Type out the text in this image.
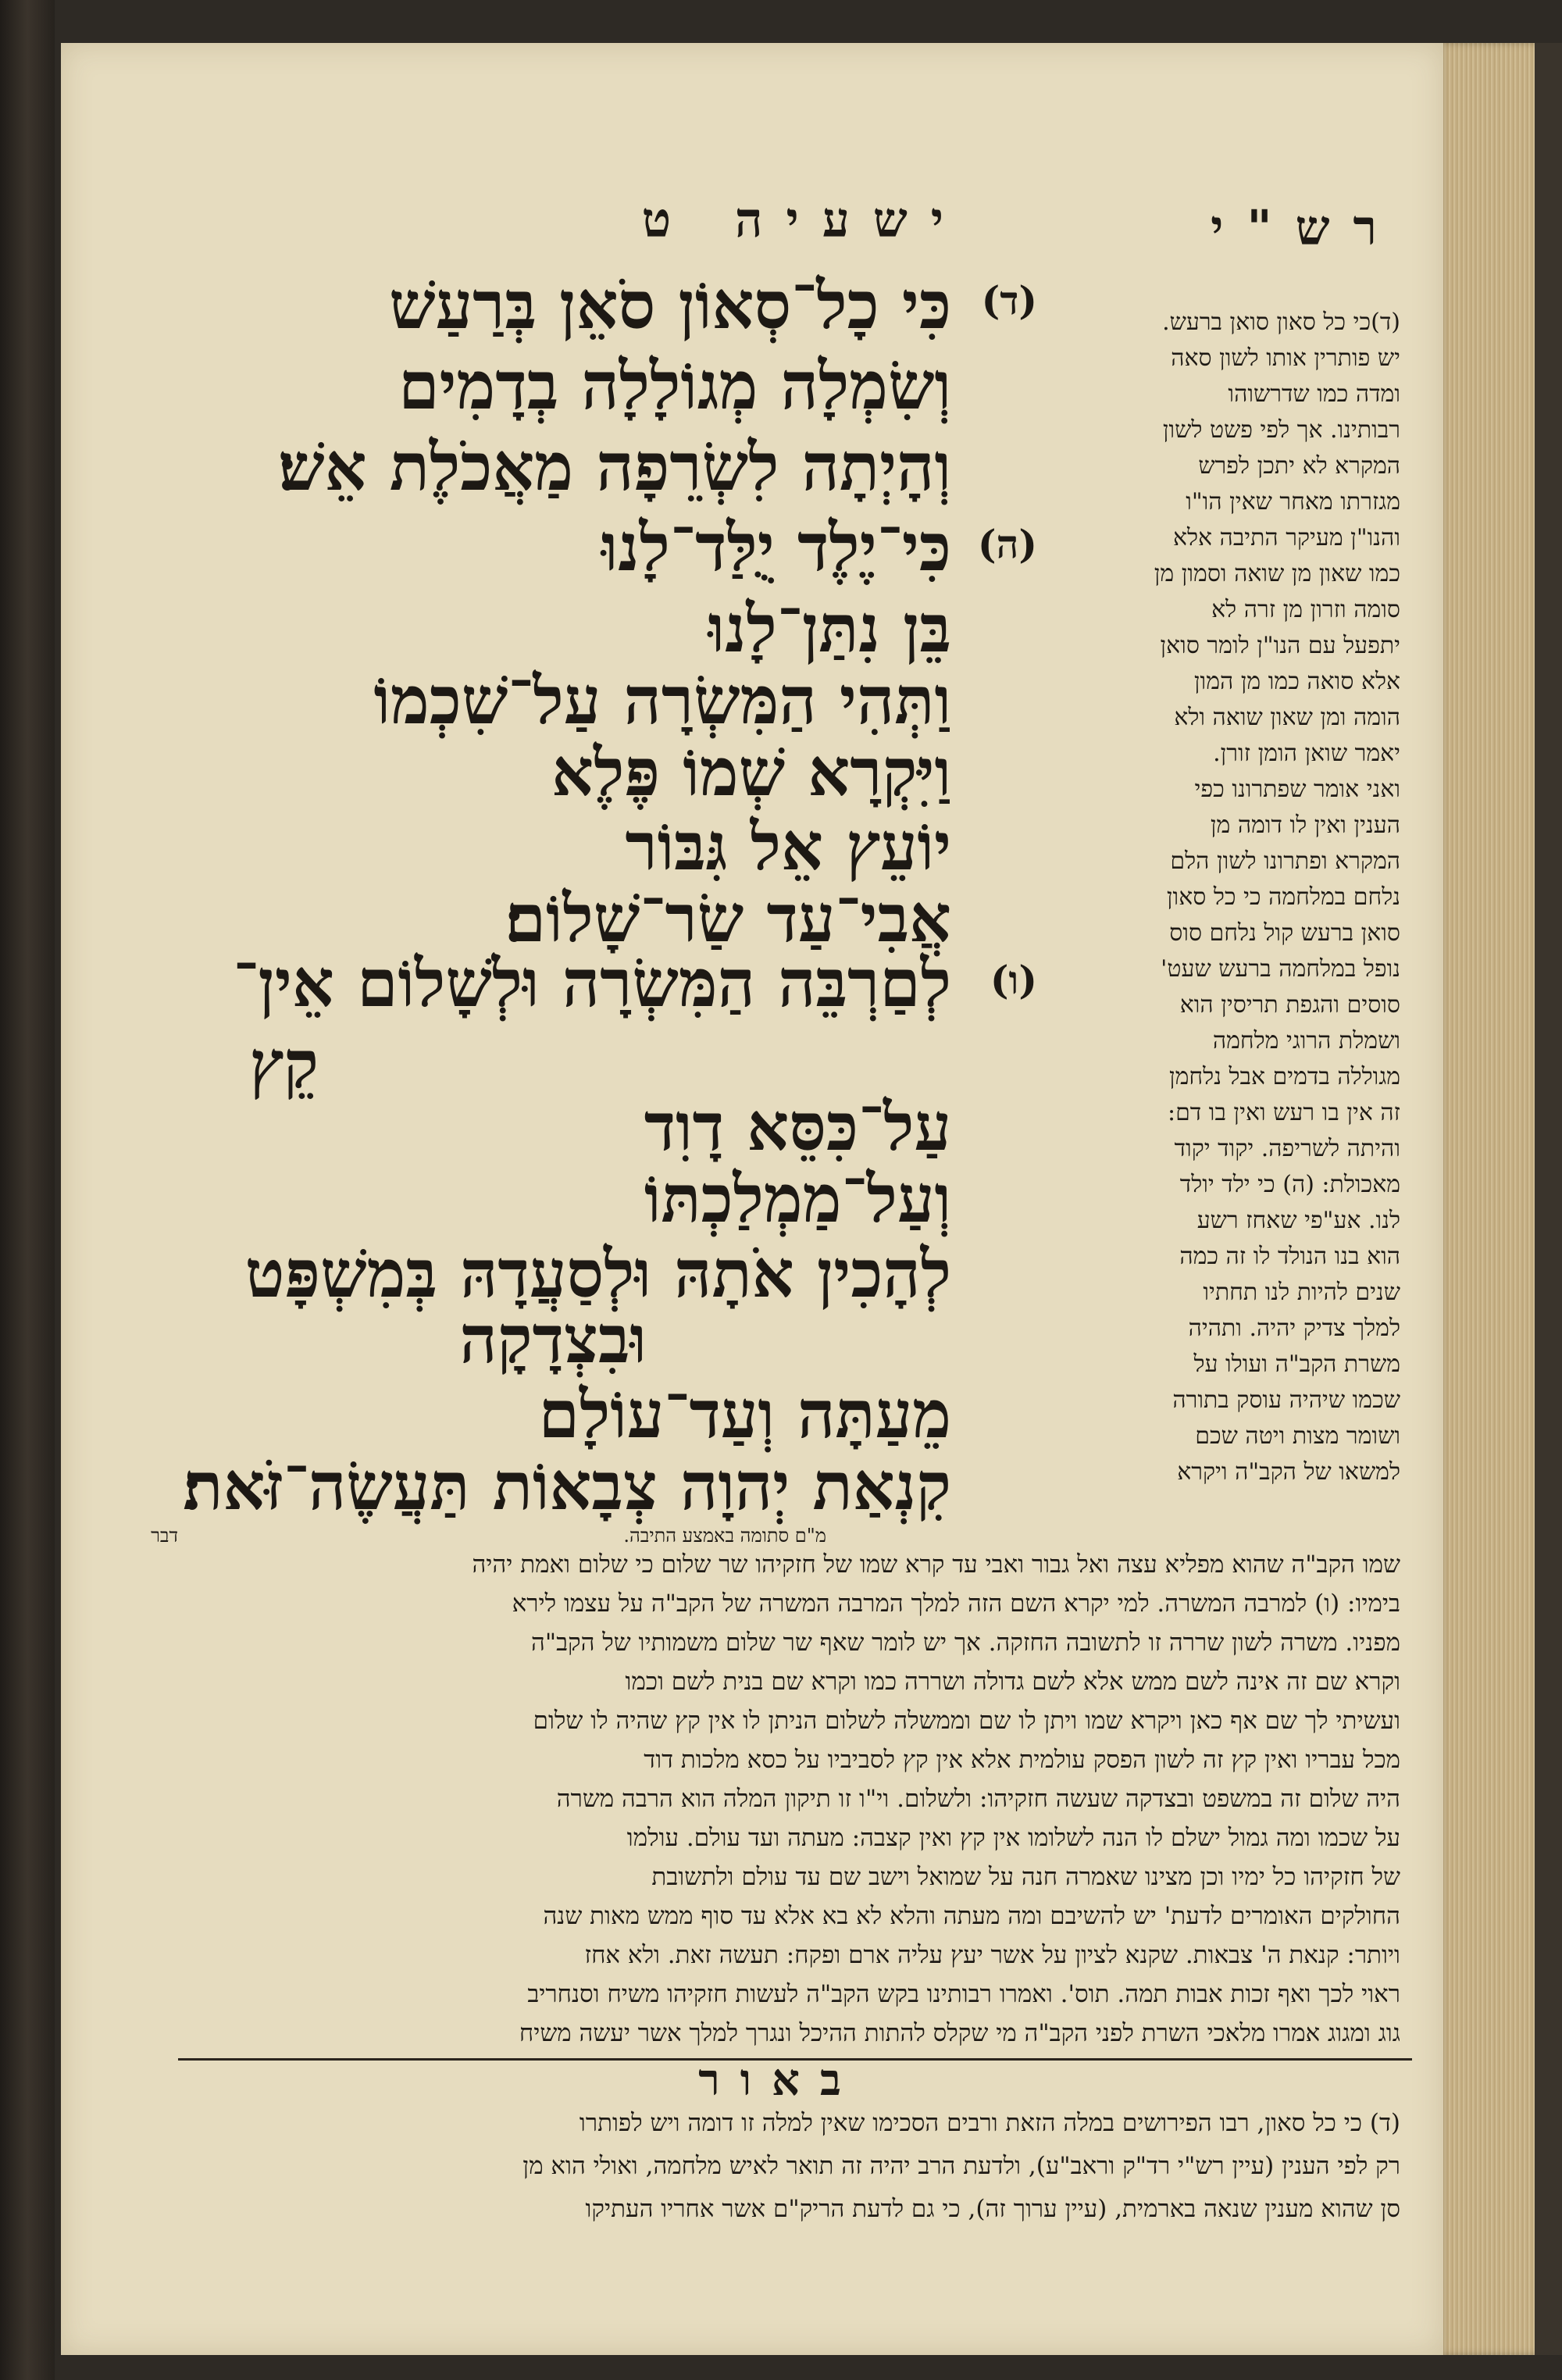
ישעיה ט	רש"י
(ד)
כִּי כָל־סְאוֹן סֹאֵן בְּרַעַשׁ
וְשִׂמְלָה מְגוֹלָלָה בְדָמִים
וְהָיְתָה לִשְׂרֵפָה מַאֲכֹלֶת אֵשׁ׃
(ה)
כִּי־יֶלֶד יֻלַּד־לָנוּ
בֵּן נִתַּן־לָנוּ
וַתְּהִי הַמִּשְׂרָה עַל־שִׁכְמוֹ
וַיִּקְרָא שְׁמוֹ פֶּלֶא
יוֹעֵץ אֵל גִּבּוֹר
אֲבִי־עַד שַׂר־שָׁלוֹם׃
(ו)
לְםַרְבֵּה הַמִּשְׂרָה וּלְשָׁלוֹם אֵין־
קֵץ
עַל־כִּסֵּא דָוִד
וְעַל־מַמְלַכְתּוֹ
לְהָכִין אֹתָהּ וּלְסַעֲדָהּ בְּמִשְׁפָּט
וּבִצְדָקָה
מֵעַתָּה וְעַד־עוֹלָם
קִנְאַת יְהוָה צְבָאוֹת תַּעֲשֶׂה־זֹּאת׃
מ"ם סתומה באמצע התיבה.
דבר
(ד)כי כל סאון סואן ברעש.
יש פותרין אותו לשון סאה
ומדה כמו שדרשוהו
רבותינו. אך לפי פשט לשון
המקרא לא יתכן לפרש
מגזרתו מאחר שאין הו"ו
והנו"ן מעיקר התיבה אלא
כמו שאון מן שואה וסמון מן
סומה וזרון מן זרה לא
יתפעל עם הנו"ן לומר סואן
אלא סואה כמו מן המון
הומה ומן שאון שואה ולא
יאמר שואן הומן זורן.
ואני אומר שפתרונו כפי
הענין ואין לו דומה מן
המקרא ופתרונו לשון הלם
נלחם במלחמה כי כל סאון
סואן ברעש קול נלחם סוס
נופל במלחמה ברעש שעט'
סוסים והגפת תריסין הוא
ושמלת הרוגי מלחמה
מגוללה בדמים אבל נלחמן
זה אין בו רעש ואין בו דם:
והיתה לשריפה. יקוד יקוד
מאכולת: (ה) כי ילד יולד
לנו. אע"פי שאחז רשע
הוא בנו הנולד לו זה כמה
שנים להיות לנו תחתיו
למלך צדיק יהיה. ותהיה
משרת הקב"ה ועולו על
שכמו שיהיה עוסק בתורה
ושומר מצות ויטה שכם
למשאו של הקב"ה ויקרא
שמו הקב"ה שהוא מפליא עצה ואל גבור ואבי עד קרא שמו של חזקיהו שר שלום כי שלום ואמת יהיה
בימיו: (ו) למרבה המשרה. למי יקרא השם הזה למלך המרבה המשרה של הקב"ה על עצמו לירא
מפניו. משרה לשון שררה זו לתשובה החזקה. אך יש לומר שאף שר שלום משמותיו של הקב"ה
וקרא שם זה אינה לשם ממש אלא לשם גדולה ושררה כמו וקרא שם בנית לשם וכמו
ועשיתי לך שם אף כאן ויקרא שמו ויתן לו שם וממשלה לשלום הניתן לו אין קץ שהיה לו שלום
מכל עבריו ואין קץ זה לשון הפסק עולמית אלא אין קץ לסביביו על כסא מלכות דוד
היה שלום זה במשפט ובצדקה שעשה חזקיהו: ולשלום. וי"ו זו תיקון המלה הוא הרבה משרה
על שכמו ומה גמול ישלם לו הנה לשלומו אין קץ ואין קצבה: מעתה ועד עולם. עולמו
של חזקיהו כל ימיו וכן מצינו שאמרה חנה על שמואל וישב שם עד עולם ולתשובת
החולקים האומרים לדעת' יש להשיבם ומה מעתה והלא לא בא אלא עד סוף ממש מאות שנה
ויותר: קנאת ה' צבאות. שקנא לציון על אשר יעץ עליה ארם ופקח: תעשה זאת. ולא אחז
ראוי לכך ואף זכות אבות תמה. תוס'. ואמרו רבותינו בקש הקב"ה לעשות חזקיהו משיח וסנחריב
גוג ומגוג אמרו מלאכי השרת לפני הקב"ה מי שקלס להתות ההיכל ונגרך למלך אשר יעשה משיח
באור
(ד) כי כל סאון, רבו הפירושים במלה הזאת ורבים הסכימו שאין למלה זו דומה ויש לפותרו
רק לפי הענין (עיין רש"י רד"ק וראב"ע), ולדעת הרב יהיה זה תואר לאיש מלחמה, ואולי הוא מן
סן שהוא מענין שנאה בארמית, (עיין ערוך זה), כי גם לדעת הריק"ם אשר אחריו העתיקו
